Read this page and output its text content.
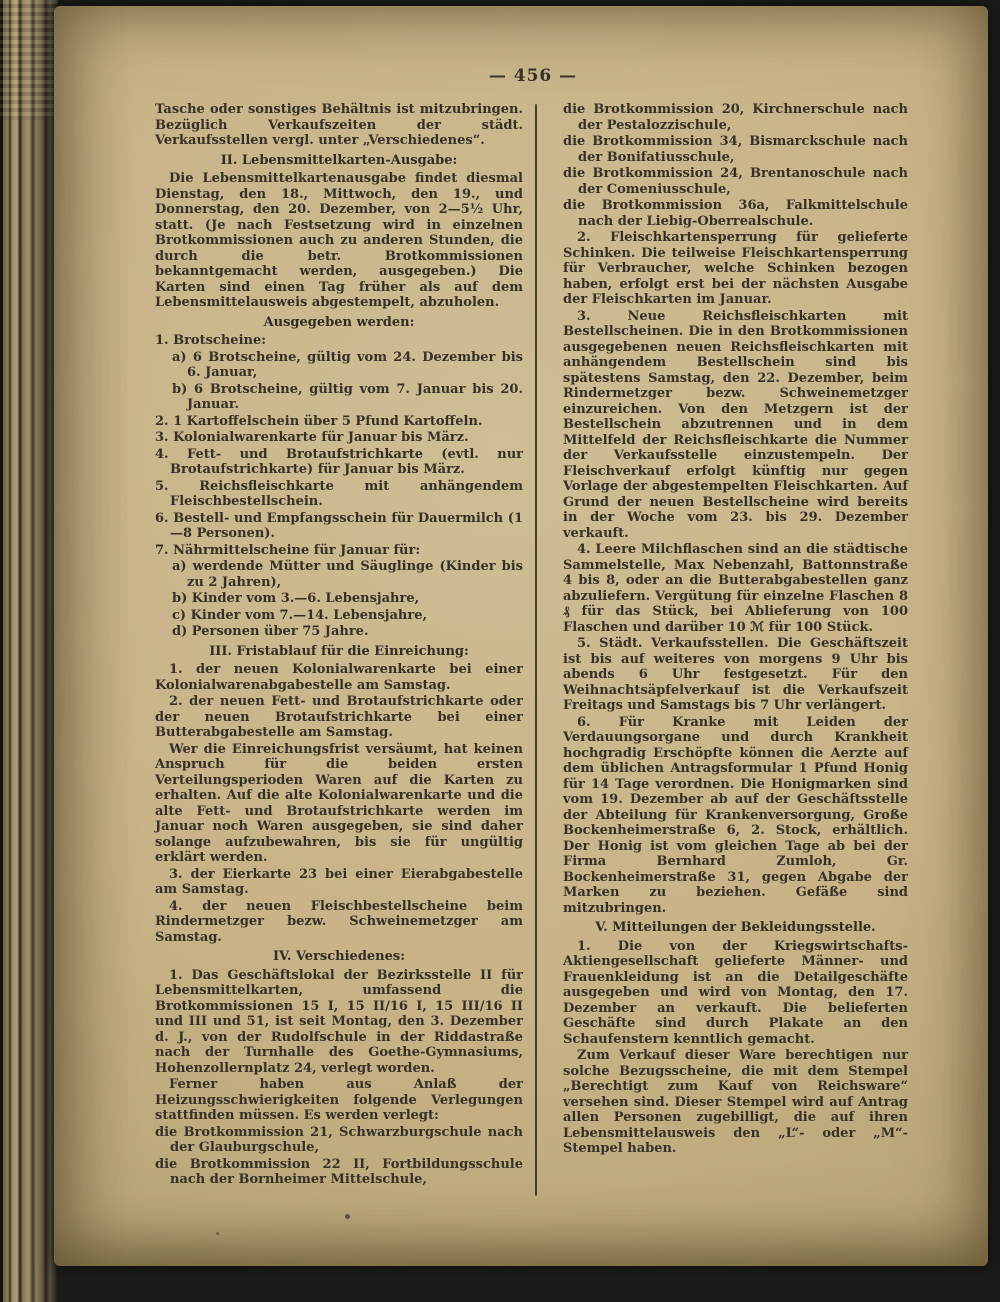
— 456 —

Tasche oder sonstiges Behältnis ist mitzubringen. Bezüglich Verkaufszeiten der städt. Verkaufsstellen vergl. unter „Verschiedenes“.

II. Lebensmittelkarten-Ausgabe:

Die Lebensmittelkartenausgabe findet diesmal Dienstag, den 18., Mittwoch, den 19., und Donnerstag, den 20. Dezember, von 2—5½ Uhr, statt. (Je nach Festsetzung wird in einzelnen Brotkommissionen auch zu anderen Stunden, die durch die betr. Brotkommissionen bekanntgemacht werden, ausgegeben.) Die Karten sind einen Tag früher als auf dem Lebensmittelausweis abgestempelt, abzuholen.

Ausgegeben werden:

1. Brotscheine:

a) 6 Brotscheine, gültig vom 24. Dezember bis 6. Januar,

b) 6 Brotscheine, gültig vom 7. Januar bis 20. Januar.

2. 1 Kartoffelschein über 5 Pfund Kartoffeln.

3. Kolonialwarenkarte für Januar bis März.

4. Fett- und Brotaufstrichkarte (evtl. nur Brotaufstrichkarte) für Januar bis März.

5. Reichsfleischkarte mit anhängendem Fleischbestellschein.

6. Bestell- und Empfangsschein für Dauermilch (1—8 Personen).

7. Nährmittelscheine für Januar für:

a) werdende Mütter und Säuglinge (Kinder bis zu 2 Jahren),

b) Kinder vom 3.—6. Lebensjahre,

c) Kinder vom 7.—14. Lebensjahre,

d) Personen über 75 Jahre.

III. Fristablauf für die Einreichung:

1. der neuen Kolonialwarenkarte bei einer Kolonialwarenabgabestelle am Samstag.

2. der neuen Fett- und Brotaufstrichkarte oder der neuen Brotaufstrichkarte bei einer Butterabgabestelle am Samstag.

Wer die Einreichungsfrist versäumt, hat keinen Anspruch für die beiden ersten Verteilungsperioden Waren auf die Karten zu erhalten. Auf die alte Kolonialwarenkarte und die alte Fett- und Brotaufstrichkarte werden im Januar noch Waren ausgegeben, sie sind daher solange aufzubewahren, bis sie für ungültig erklärt werden.

3. der Eierkarte 23 bei einer Eierabgabestelle am Samstag.

4. der neuen Fleischbestellscheine beim Rindermetzger bezw. Schweinemetzger am Samstag.

IV. Verschiedenes:

1. Das Geschäftslokal der Bezirksstelle II für Lebensmittelkarten, umfassend die Brotkommissionen 15 I, 15 II/16 I, 15 III/16 II und III und 51, ist seit Montag, den 3. Dezember d. J., von der Rudolfschule in der Riddastraße nach der Turnhalle des Goethe-Gymnasiums, Hohenzollernplatz 24, verlegt worden.

Ferner haben aus Anlaß der Heizungsschwierigkeiten folgende Verlegungen stattfinden müssen. Es werden verlegt:

die Brotkommission 21, Schwarzburgschule nach der Glauburgschule,

die Brotkommission 22 II, Fortbildungsschule nach der Bornheimer Mittelschule,

die Brotkommission 20, Kirchnerschule nach der Pestalozzischule,

die Brotkommission 34, Bismarckschule nach der Bonifatiusschule,

die Brotkommission 24, Brentanoschule nach der Comeniusschule,

die Brotkommission 36a, Falkmittelschule nach der Liebig-Oberrealschule.

2. Fleischkartensperrung für gelieferte Schinken. Die teilweise Fleischkartensperrung für Verbraucher, welche Schinken bezogen haben, erfolgt erst bei der nächsten Ausgabe der Fleischkarten im Januar.

3. Neue Reichsfleischkarten mit Bestellscheinen. Die in den Brotkommissionen ausgegebenen neuen Reichsfleischkarten mit anhängendem Bestellschein sind bis spätestens Samstag, den 22. Dezember, beim Rindermetzger bezw. Schweinemetzger einzureichen. Von den Metzgern ist der Bestellschein abzutrennen und in dem Mittelfeld der Reichsfleischkarte die Nummer der Verkaufsstelle einzustempeln. Der Fleischverkauf erfolgt künftig nur gegen Vorlage der abgestempelten Fleischkarten. Auf Grund der neuen Bestellscheine wird bereits in der Woche vom 23. bis 29. Dezember verkauft.

4. Leere Milchflaschen sind an die städtische Sammelstelle, Max Nebenzahl, Battonnstraße 4 bis 8, oder an die Butterabgabestellen ganz abzuliefern. Vergütung für einzelne Flaschen 8 ₰ für das Stück, bei Ablieferung von 100 Flaschen und darüber 10 ℳ für 100 Stück.

5. Städt. Verkaufsstellen. Die Geschäftszeit ist bis auf weiteres von morgens 9 Uhr bis abends 6 Uhr festgesetzt. Für den Weihnachtsäpfelverkauf ist die Verkaufszeit Freitags und Samstags bis 7 Uhr verlängert.

6. Für Kranke mit Leiden der Verdauungsorgane und durch Krankheit hochgradig Erschöpfte können die Aerzte auf dem üblichen Antragsformular 1 Pfund Honig für 14 Tage verordnen. Die Honigmarken sind vom 19. Dezember ab auf der Geschäftsstelle der Abteilung für Krankenversorgung, Große Bockenheimerstraße 6, 2. Stock, erhältlich. Der Honig ist vom gleichen Tage ab bei der Firma Bernhard Zumloh, Gr. Bockenheimerstraße 31, gegen Abgabe der Marken zu beziehen. Gefäße sind mitzubringen.

V. Mitteilungen der Bekleidungsstelle.

1. Die von der Kriegswirtschafts-Aktiengesellschaft gelieferte Männer- und Frauenkleidung ist an die Detailgeschäfte ausgegeben und wird von Montag, den 17. Dezember an verkauft. Die belieferten Geschäfte sind durch Plakate an den Schaufenstern kenntlich gemacht.

Zum Verkauf dieser Ware berechtigen nur solche Bezugsscheine, die mit dem Stempel „Berechtigt zum Kauf von Reichsware“ versehen sind. Dieser Stempel wird auf Antrag allen Personen zugebilligt, die auf ihren Lebensmittelausweis den „L“- oder „M“-Stempel haben.
